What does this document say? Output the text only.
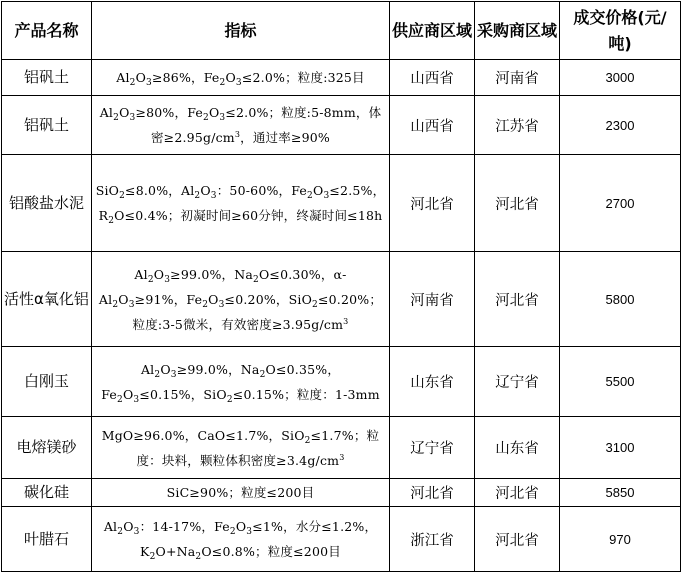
产品名称	指标	供应商区域	采购商区域	成交价格(元/吨)
铝矾土	$Al_2O_3\ge 86\%$，$Fe_2O_3\le 2.0\%$；粒度:325目	山西省	河南省	3000
铝矾土	$Al_2O_3\ge 80\%$，$Fe_2O_3\le 2.0\%$；粒度:5-8mm，体密$\ge 2.95g/cm^3$，通过率≥90%	山西省	江苏省	2300
铝酸盐水泥	SiO$_2$≤8.0%，$Al_2O_3$：50-60%，$Fe_2O_3\le 2.5\%$，$R_2O\le 0.4\%$；初凝时间≥60分钟，终凝时间≤18h	河北省	河北省	2700
活性α氧化铝	$Al_2O_3\ge 99.0\%$，$Na_2O\le 0.30\%$，$\alpha-Al_2O_3\ge 91\%$，$Fe_2O_3\le 0.20\%$，SiO$_2$≤0.20%；粒度:3-5微米，有效密度$\ge 3.95g/cm^3$	河南省	河北省	5800
白刚玉	$Al_2O_3\ge 99.0\%$，$Na_2O\le 0.35\%$，$Fe_2O_3\le 0.15\%$，SiO$_2$≤0.15%；粒度：1-3mm	山东省	辽宁省	5500
电熔镁砂	MgO≥96.0%，CaO≤1.7%，SiO$_2$≤1.7%；粒度：块料，颗粒体积密度$\ge 3.4g/cm^3$	辽宁省	山东省	3100
碳化硅	SiC≥90%；粒度≤200目	河北省	河北省	5850
叶腊石	$Al_2O_3$：14-17%，$Fe_2O_3\le 1\%$，水分≤1.2%，$K_2O+Na_2O\le 0.8\%$；粒度≤200目	浙江省	河北省	970
